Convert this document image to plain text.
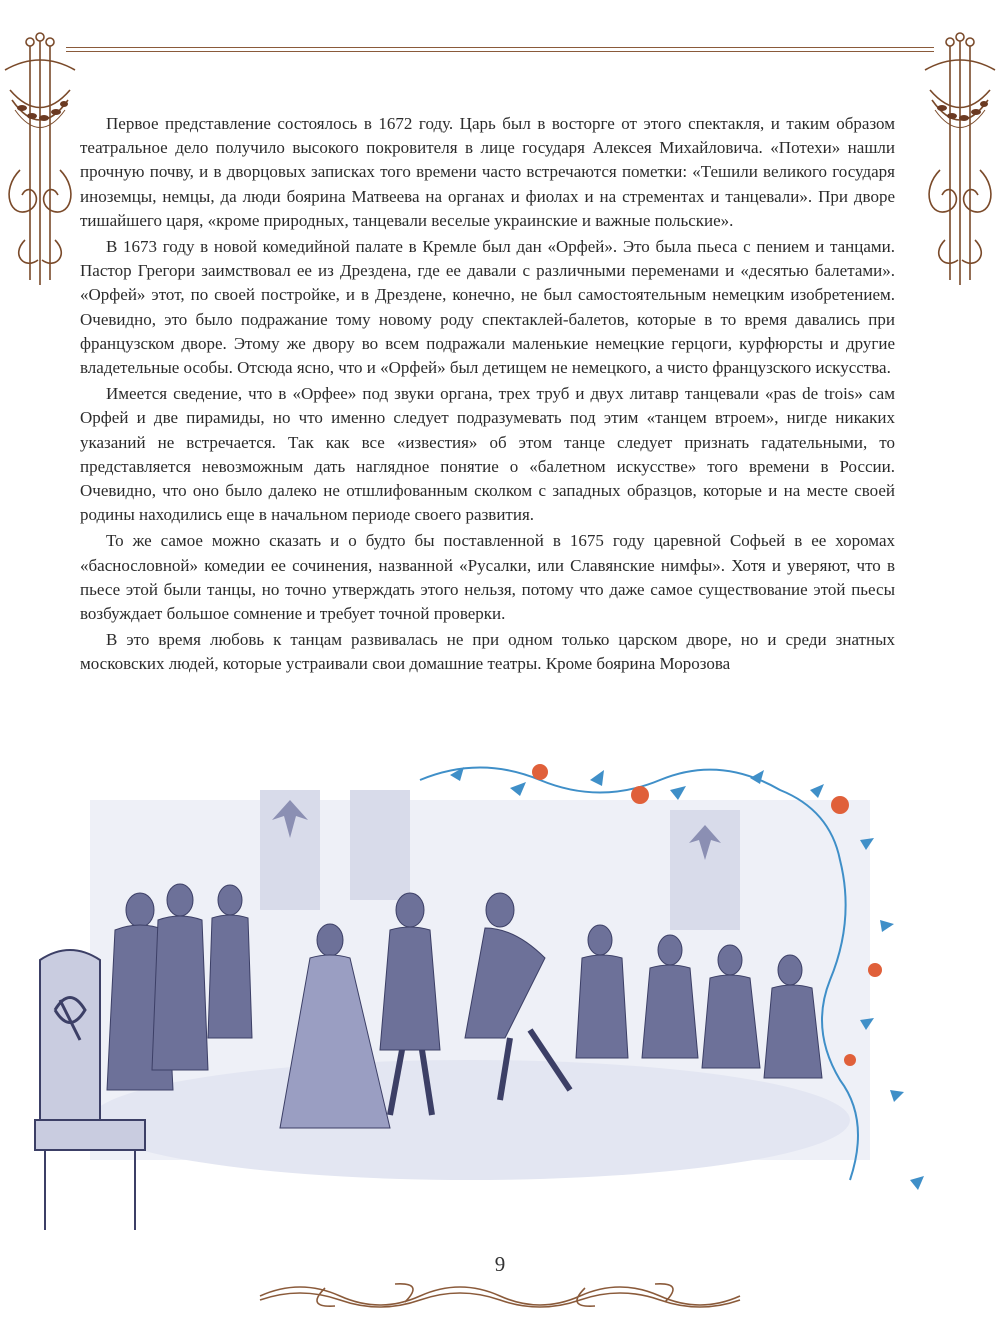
Первое представление состоялось в 1672 году. Царь был в восторге от этого спектакля, и таким образом театральное дело получило высокого покровителя в лице государя Алексея Михайловича. «Потехи» нашли прочную почву, и в дворцовых записках того времени часто встречаются пометки: «Тешили великого государя иноземцы, немцы, да люди боярина Матвеева на органах и фиолах и на стрементах и танцевали». При дворе тишайшего царя, «кроме природных, танцевали веселые украинские и важные польские».

В 1673 году в новой комедийной палате в Кремле был дан «Орфей». Это была пьеса с пением и танцами. Пастор Грегори заимствовал ее из Дрездена, где ее давали с различными переменами и «десятью балетами». «Орфей» этот, по своей постройке, и в Дрездене, конечно, не был самостоятельным немецким изобретением. Очевидно, это было подражание тому новому роду спектаклей-балетов, которые в то время давались при французском дворе. Этому же двору во всем подражали маленькие немецкие герцоги, курфюрсты и другие владетельные особы. Отсюда ясно, что и «Орфей» был детищем не немецкого, а чисто французского искусства.

Имеется сведение, что в «Орфее» под звуки органа, трех труб и двух литавр танцевали «pas de trois» сам Орфей и две пирамиды, но что именно следует подразумевать под этим «танцем втроем», нигде никаких указаний не встречается. Так как все «известия» об этом танце следует признать гадательными, то представляется невозможным дать наглядное понятие о «балетном искусстве» того времени в России. Очевидно, что оно было далеко не отшлифованным сколком с западных образцов, которые и на месте своей родины находились еще в начальном периоде своего развития.

То же самое можно сказать и о будто бы поставленной в 1675 году царевной Софьей в ее хоромах «баснословной» комедии ее сочинения, названной «Русалки, или Славянские нимфы». Хотя и уверяют, что в пьесе этой были танцы, но точно утверждать этого нельзя, потому что даже самое существование этой пьесы возбуждает большое сомнение и требует точной проверки.

В это время любовь к танцам развивалась не при одном только царском дворе, но и среди знатных московских людей, которые устраивали свои домашние театры. Кроме боярина Морозова

9
